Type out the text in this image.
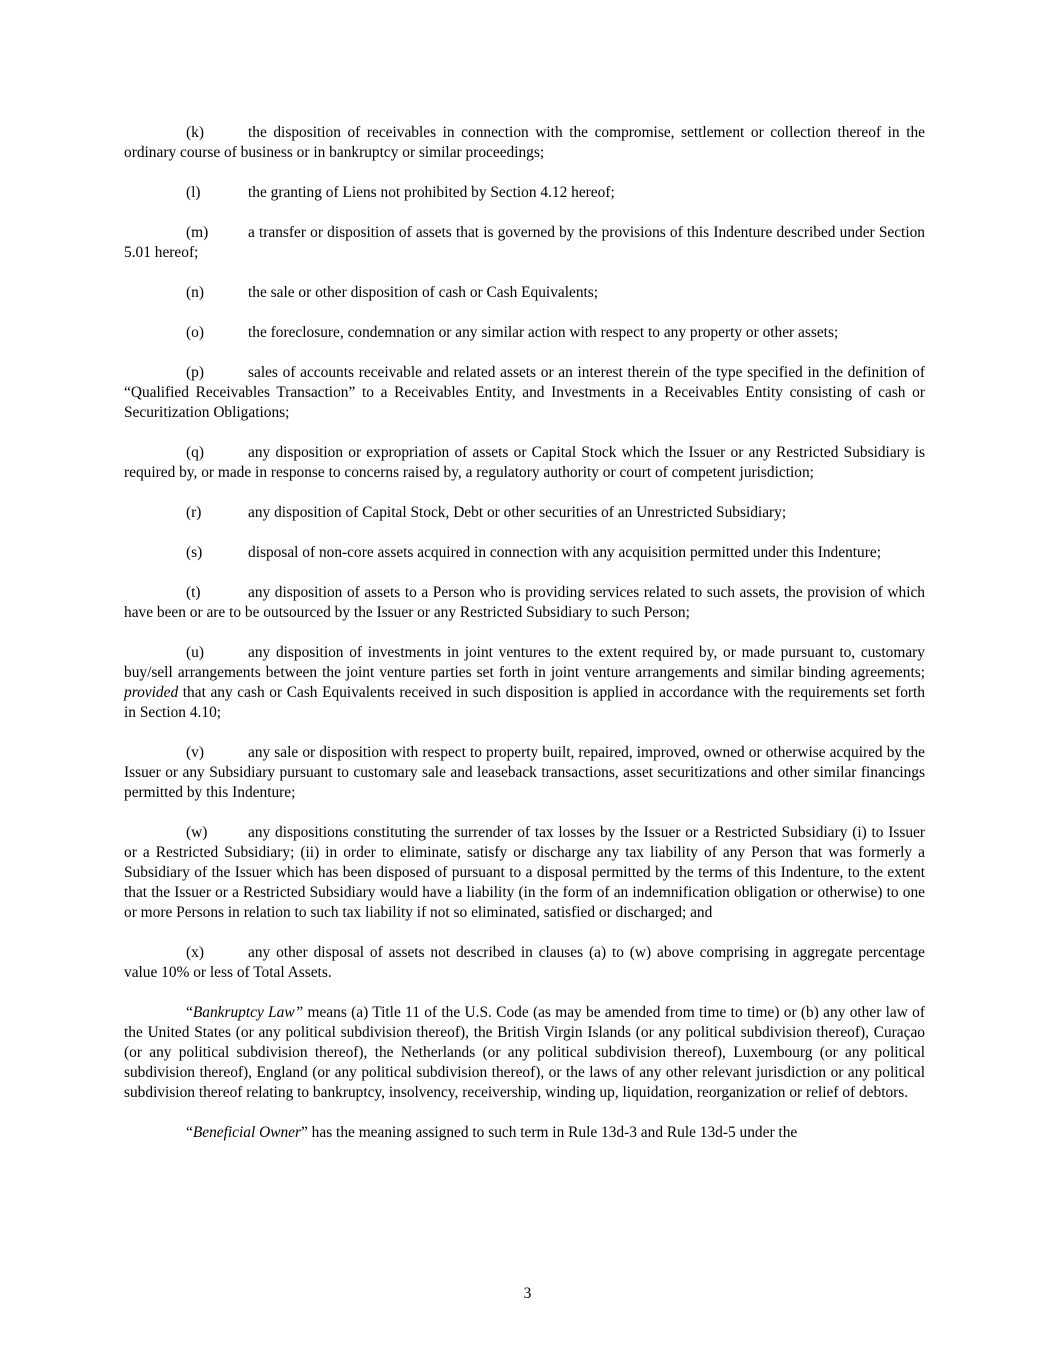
(k)	the disposition of receivables in connection with the compromise, settlement or collection thereof in the ordinary course of business or in bankruptcy or similar proceedings;

(l)	the granting of Liens not prohibited by Section 4.12 hereof;

(m)	a transfer or disposition of assets that is governed by the provisions of this Indenture described under Section 5.01 hereof;

(n)	the sale or other disposition of cash or Cash Equivalents;

(o)	the foreclosure, condemnation or any similar action with respect to any property or other assets;

(p)	sales of accounts receivable and related assets or an interest therein of the type specified in the definition of “Qualified Receivables Transaction” to a Receivables Entity, and Investments in a Receivables Entity consisting of cash or Securitization Obligations;

(q)	any disposition or expropriation of assets or Capital Stock which the Issuer or any Restricted Subsidiary is required by, or made in response to concerns raised by, a regulatory authority or court of competent jurisdiction;

(r)	any disposition of Capital Stock, Debt or other securities of an Unrestricted Subsidiary;

(s)	disposal of non-core assets acquired in connection with any acquisition permitted under this Indenture;

(t)	any disposition of assets to a Person who is providing services related to such assets, the provision of which have been or are to be outsourced by the Issuer or any Restricted Subsidiary to such Person;

(u)	any disposition of investments in joint ventures to the extent required by, or made pursuant to, customary buy/sell arrangements between the joint venture parties set forth in joint venture arrangements and similar binding agreements; provided that any cash or Cash Equivalents received in such disposition is applied in accordance with the requirements set forth in Section 4.10;

(v)	any sale or disposition with respect to property built, repaired, improved, owned or otherwise acquired by the Issuer or any Subsidiary pursuant to customary sale and leaseback transactions, asset securitizations and other similar financings permitted by this Indenture;

(w)	any dispositions constituting the surrender of tax losses by the Issuer or a Restricted Subsidiary (i) to Issuer or a Restricted Subsidiary; (ii) in order to eliminate, satisfy or discharge any tax liability of any Person that was formerly a Subsidiary of the Issuer which has been disposed of pursuant to a disposal permitted by the terms of this Indenture, to the extent that the Issuer or a Restricted Subsidiary would have a liability (in the form of an indemnification obligation or otherwise) to one or more Persons in relation to such tax liability if not so eliminated, satisfied or discharged; and

(x)	any other disposal of assets not described in clauses (a) to (w) above comprising in aggregate percentage value 10% or less of Total Assets.

“Bankruptcy Law” means (a) Title 11 of the U.S. Code (as may be amended from time to time) or (b) any other law of the United States (or any political subdivision thereof), the British Virgin Islands (or any political subdivision thereof), Curaçao (or any political subdivision thereof), the Netherlands (or any political subdivision thereof), Luxembourg (or any political subdivision thereof), England (or any political subdivision thereof), or the laws of any other relevant jurisdiction or any political subdivision thereof relating to bankruptcy, insolvency, receivership, winding up, liquidation, reorganization or relief of debtors.

“Beneficial Owner” has the meaning assigned to such term in Rule 13d-3 and Rule 13d-5 under the

3
